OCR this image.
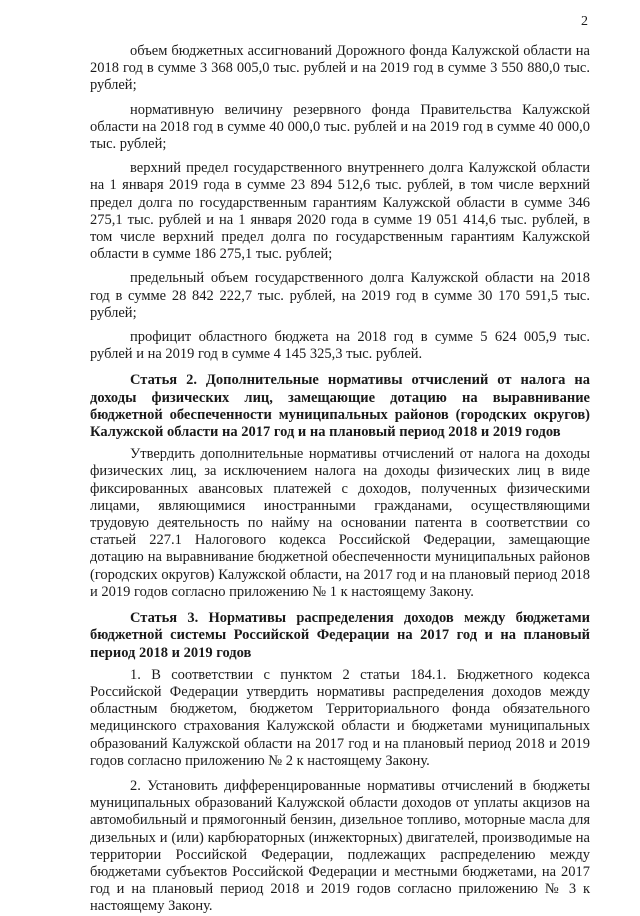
2

объем бюджетных ассигнований Дорожного фонда Калужской области на 2018 год в сумме 3 368 005,0 тыс. рублей и на 2019 год в сумме 3 550 880,0 тыс. рублей;

нормативную величину резервного фонда Правительства Калужской области на 2018 год в сумме 40 000,0 тыс. рублей и на 2019 год в сумме 40 000,0 тыс. рублей;

верхний предел государственного внутреннего долга Калужской области на 1 января 2019 года в сумме 23 894 512,6 тыс. рублей, в том числе верхний предел долга по государственным гарантиям Калужской области в сумме 346 275,1 тыс. рублей и на 1 января 2020 года в сумме 19 051 414,6 тыс. рублей, в том числе верхний предел долга по государственным гарантиям Калужской области в сумме 186 275,1 тыс. рублей;

предельный объем государственного долга Калужской области на 2018 год в сумме 28 842 222,7 тыс. рублей, на 2019 год в сумме 30 170 591,5 тыс. рублей;

профицит областного бюджета на 2018 год в сумме 5 624 005,9 тыс. рублей и на 2019 год в сумме 4 145 325,3 тыс. рублей.

Статья 2. Дополнительные нормативы отчислений от налога на доходы физических лиц, замещающие дотацию на выравнивание бюджетной обеспеченности муниципальных районов (городских округов) Калужской области на 2017 год и на плановый период 2018 и 2019 годов

Утвердить дополнительные нормативы отчислений от налога на доходы физических лиц, за исключением налога на доходы физических лиц в виде фиксированных авансовых платежей с доходов, полученных физическими лицами, являющимися иностранными гражданами, осуществляющими трудовую деятельность по найму на основании патента в соответствии со статьей 227.1 Налогового кодекса Российской Федерации, замещающие дотацию на выравнивание бюджетной обеспеченности муниципальных районов (городских округов) Калужской области, на 2017 год и на плановый период 2018 и 2019 годов согласно приложению № 1 к настоящему Закону.

Статья 3. Нормативы распределения доходов между бюджетами бюджетной системы Российской Федерации на 2017 год и на плановый период 2018 и 2019 годов

1. В соответствии с пунктом 2 статьи 184.1. Бюджетного кодекса Российской Федерации утвердить нормативы распределения доходов между областным бюджетом, бюджетом Территориального фонда обязательного медицинского страхования Калужской области и бюджетами муниципальных образований Калужской области на 2017 год и на плановый период 2018 и 2019 годов согласно приложению № 2 к настоящему Закону.

2. Установить дифференцированные нормативы отчислений в бюджеты муниципальных образований Калужской области доходов от уплаты акцизов на автомобильный и прямогонный бензин, дизельное топливо, моторные масла для дизельных и (или) карбюраторных (инжекторных) двигателей, производимые на территории Российской Федерации, подлежащих распределению между бюджетами субъектов Российской Федерации и местными бюджетами, на 2017 год и на плановый период 2018 и 2019 годов согласно приложению № 3 к настоящему Закону.
